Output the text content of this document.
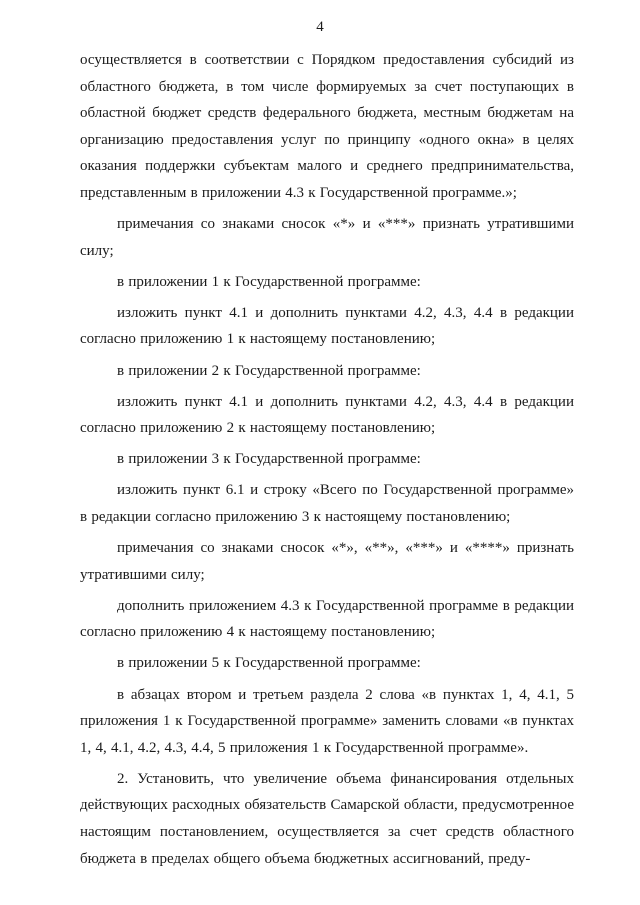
4

осуществляется в соответствии с Порядком предоставления субсидий из областного бюджета, в том числе формируемых за счет поступающих в областной бюджет средств федерального бюджета, местным бюджетам на организацию предоставления услуг по принципу «одного окна» в целях оказания поддержки субъектам малого и среднего предпринимательства, представленным в приложении 4.3 к Государственной программе.»;

примечания со знаками сносок «*» и «***» признать утратившими силу;

в приложении 1 к Государственной программе:

изложить пункт 4.1 и дополнить пунктами 4.2, 4.3, 4.4 в редакции согласно приложению 1 к настоящему постановлению;

в приложении 2 к Государственной программе:

изложить пункт 4.1 и дополнить пунктами 4.2, 4.3, 4.4 в редакции согласно приложению 2 к настоящему постановлению;

в приложении 3 к Государственной программе:

изложить пункт 6.1 и строку «Всего по Государственной программе» в редакции согласно приложению 3 к настоящему постановлению;

примечания со знаками сносок «*», «**», «***» и «****» признать утратившими силу;

дополнить приложением 4.3 к Государственной программе в редакции согласно приложению 4 к настоящему постановлению;

в приложении 5 к Государственной программе:

в абзацах втором и третьем раздела 2 слова «в пунктах 1, 4, 4.1, 5 приложения 1 к Государственной программе» заменить словами «в пунктах 1, 4, 4.1, 4.2, 4.3, 4.4, 5 приложения 1 к Государственной программе».

2. Установить, что увеличение объема финансирования отдельных действующих расходных обязательств Самарской области, предусмотренное настоящим постановлением, осуществляется за счет средств областного бюджета в пределах общего объема бюджетных ассигнований, преду-
